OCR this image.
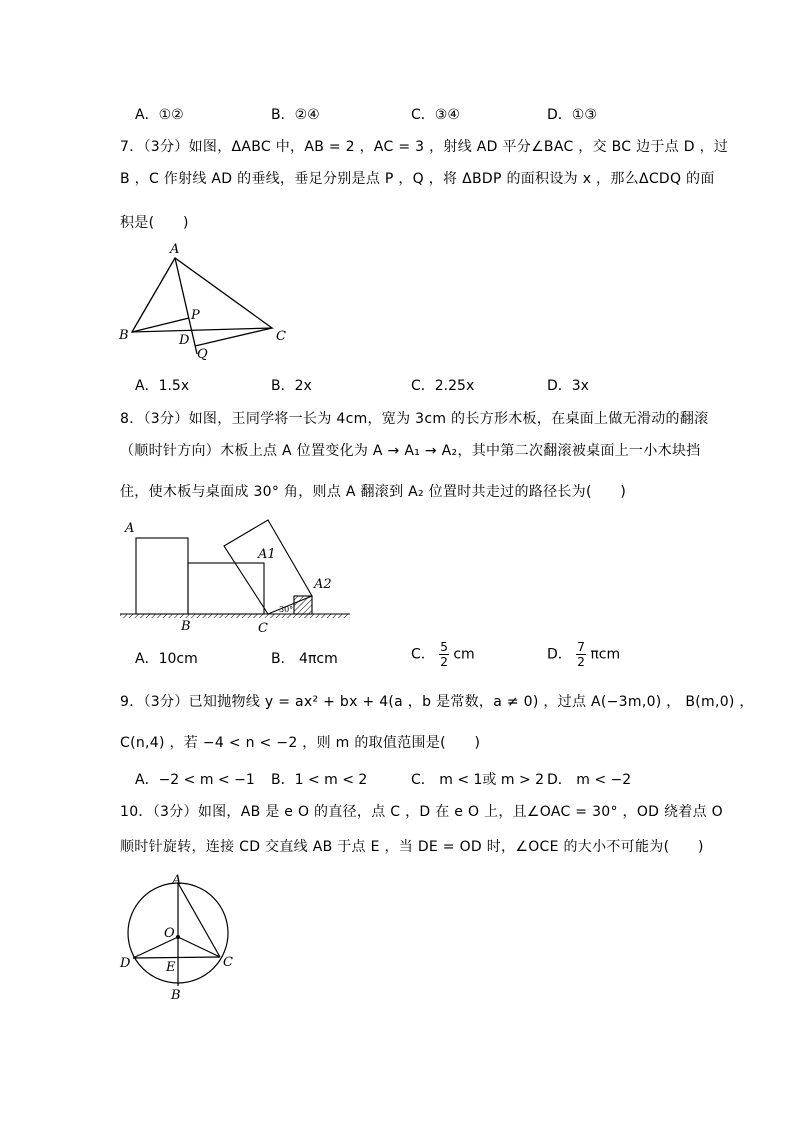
A．①②	B．②④	C．③④	D．①③
7．（3分）如图，ΔABC 中，AB = 2 ，AC = 3 ，射线 AD 平分∠BAC ，交 BC 边于点 D ，过
B ，C 作射线 AD 的垂线，垂足分别是点 P ，Q ，将 ΔBDP 的面积设为 x ，那么ΔCDQ 的面
积是(　　)
A
B	C
D
P
Q
A．1.5x	B．2x	C．2.25x	D．3x
8．（3分）如图，王同学将一长为 4cm，宽为 3cm 的长方形木板，在桌面上做无滑动的翻滚
（顺时针方向）木板上点 A 位置变化为 A → A₁ → A₂，其中第二次翻滚被桌面上一小木块挡
住，使木板与桌面成 30° 角，则点 A 翻滚到 A₂ 位置时共走过的路径长为(　　)
A
A1
A2
B	C
30°
A．10cm	B． 4πcm	C． $\frac{5}{2}$ cm	D． $\frac{7}{2}$ πcm
9．（3分）已知抛物线 y = ax² + bx + 4(a ，b 是常数，a ≠ 0) ，过点 A(−3m,0) ， B(m,0) ，
C(n,4) ，若 −4 < n < −2 ，则 m 的取值范围是(　　)
A．−2 < m < −1 B．1 < m < 2	C． m < 1或 m > 2 D． m < −2
10．（3分）如图，AB 是 e O 的直径，点 C ，D 在 e O 上，且∠OAC = 30° ，OD 绕着点 O
顺时针旋转，连接 CD 交直线 AB 于点 E ，当 DE = OD 时，∠OCE 的大小不可能为(　　)
A
B
C
D	E
O
